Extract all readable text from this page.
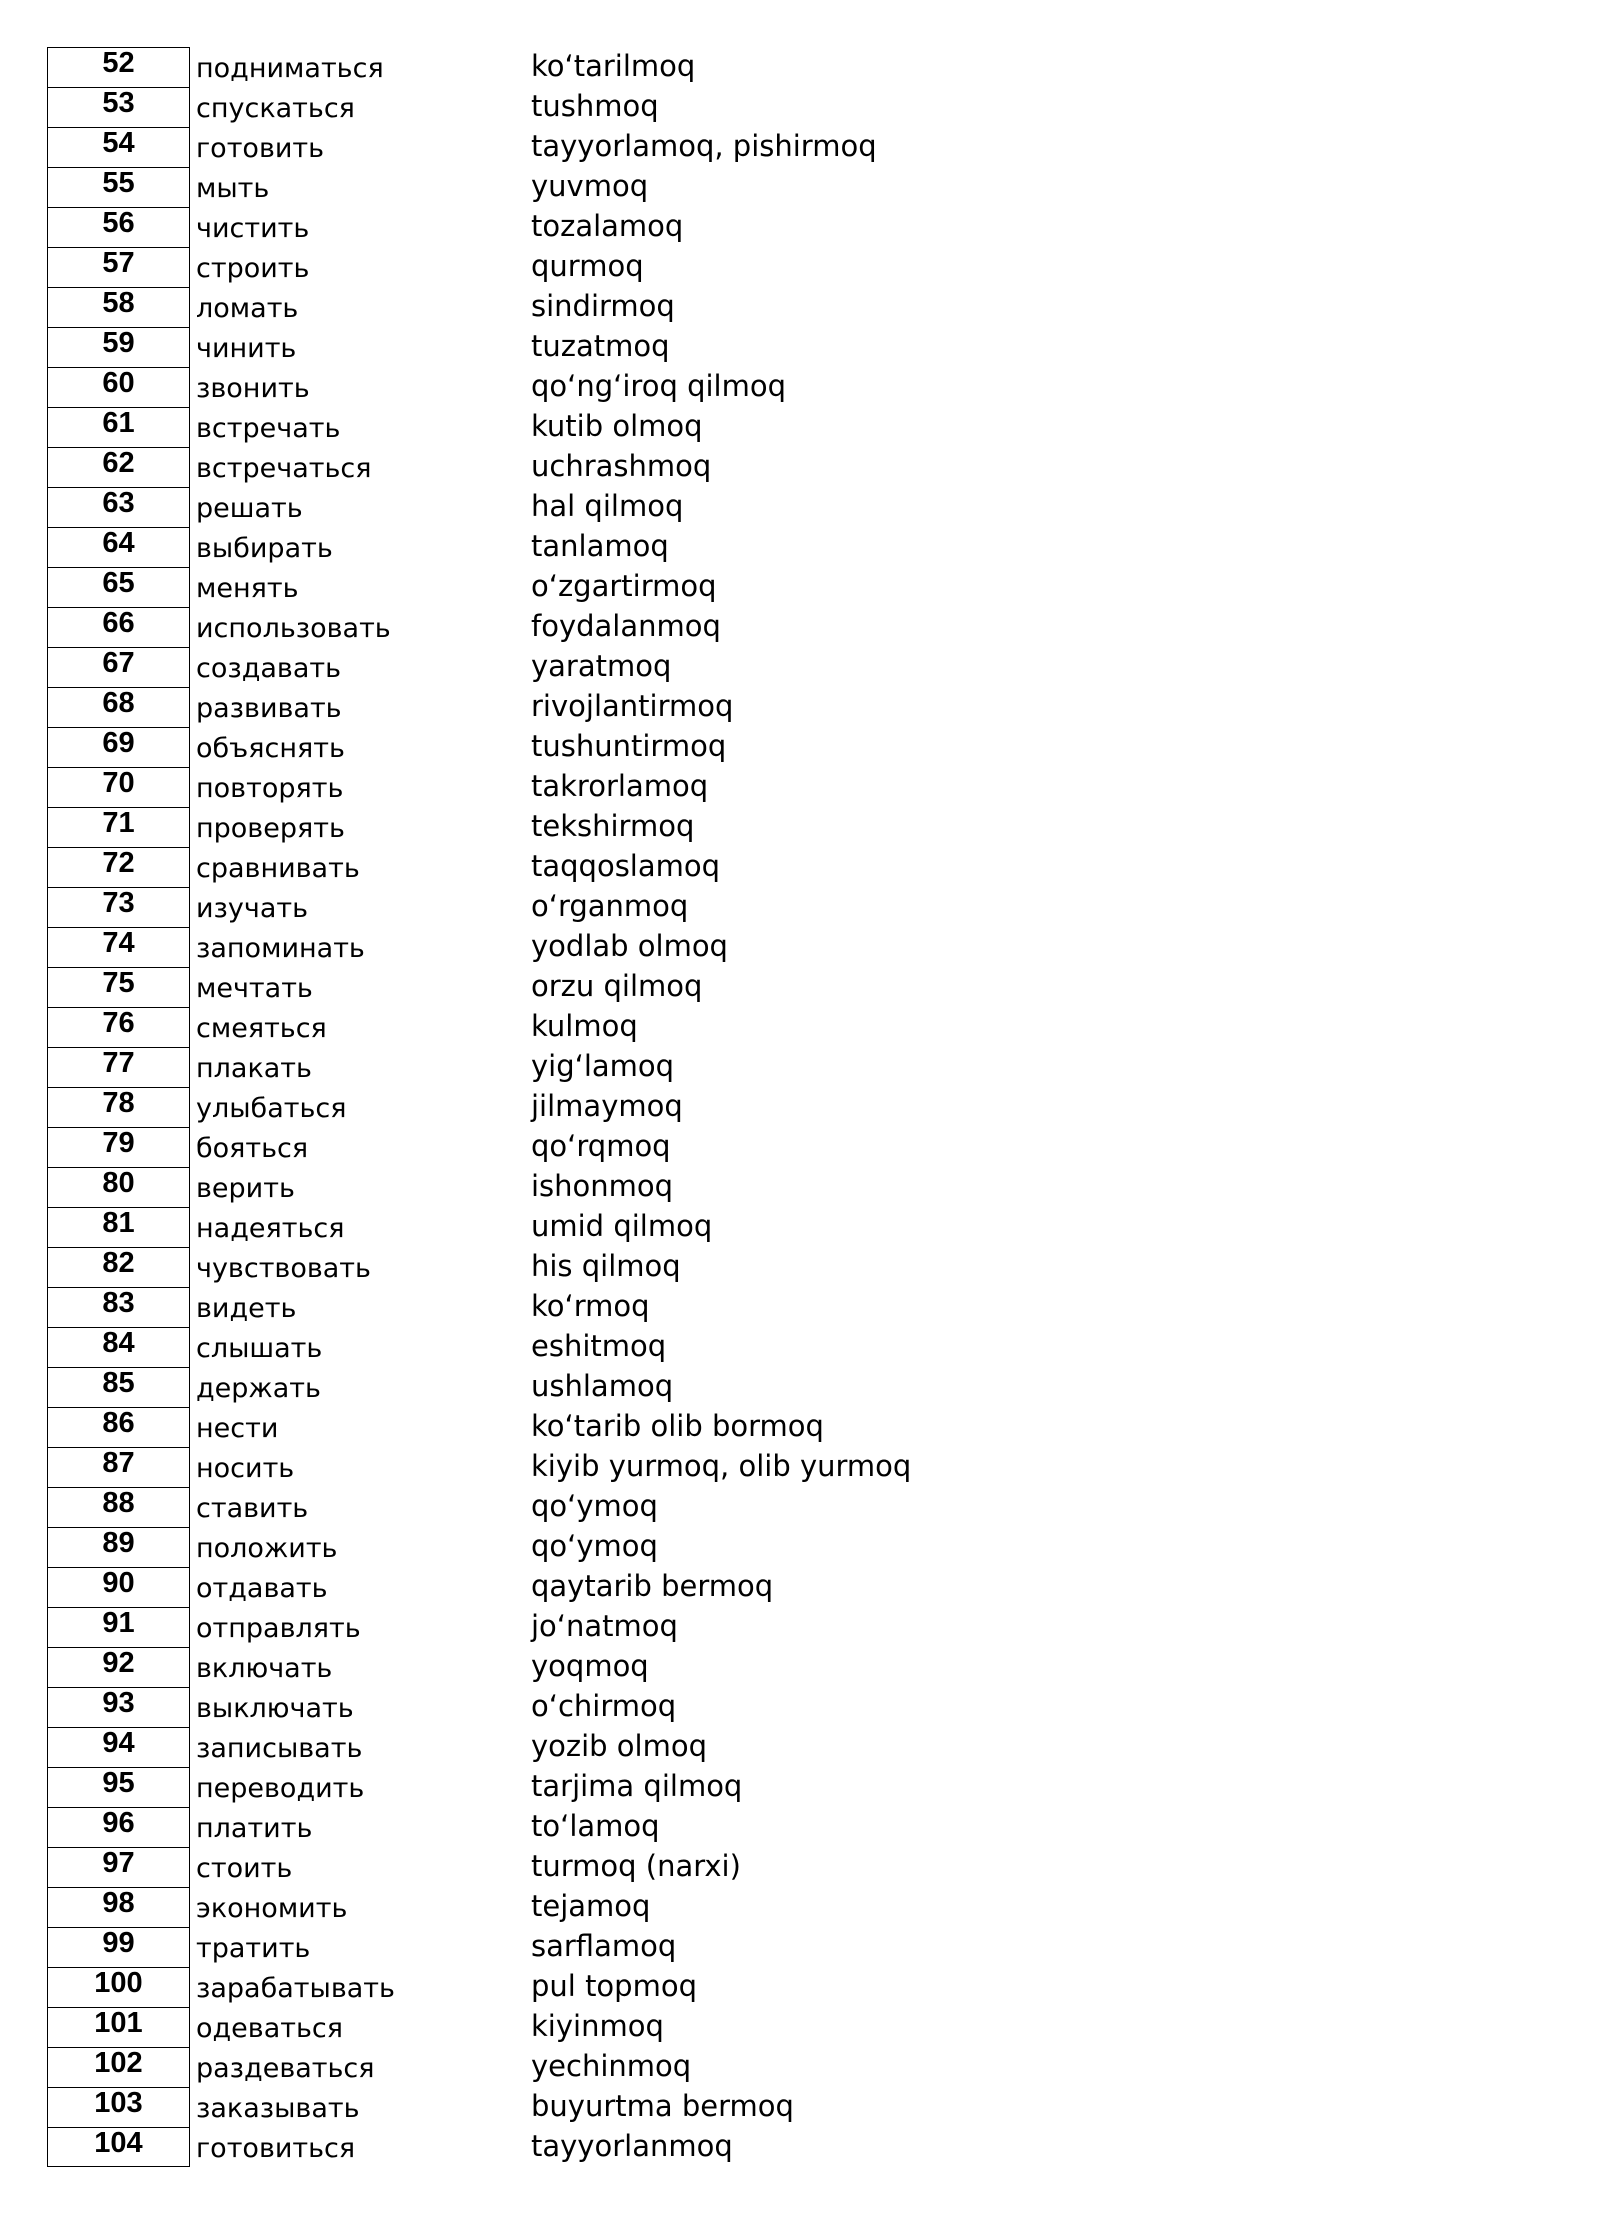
52	подниматься	ko‘tarilmoq
53	спускаться	tushmoq
54	готовить	tayyorlamoq, pishirmoq
55	мыть	yuvmoq
56	чистить	tozalamoq
57	строить	qurmoq
58	ломать	sindirmoq
59	чинить	tuzatmoq
60	звонить	qo‘ng‘iroq qilmoq
61	встречать	kutib olmoq
62	встречаться	uchrashmoq
63	решать	hal qilmoq
64	выбирать	tanlamoq
65	менять	o‘zgartirmoq
66	использовать	foydalanmoq
67	создавать	yaratmoq
68	развивать	rivojlantirmoq
69	объяснять	tushuntirmoq
70	повторять	takrorlamoq
71	проверять	tekshirmoq
72	сравнивать	taqqoslamoq
73	изучать	o‘rganmoq
74	запоминать	yodlab olmoq
75	мечтать	orzu qilmoq
76	смеяться	kulmoq
77	плакать	yig‘lamoq
78	улыбаться	jilmaymoq
79	бояться	qo‘rqmoq
80	верить	ishonmoq
81	надеяться	umid qilmoq
82	чувствовать	his qilmoq
83	видеть	ko‘rmoq
84	слышать	eshitmoq
85	держать	ushlamoq
86	нести	ko‘tarib olib bormoq
87	носить	kiyib yurmoq, olib yurmoq
88	ставить	qo‘ymoq
89	положить	qo‘ymoq
90	отдавать	qaytarib bermoq
91	отправлять	jo‘natmoq
92	включать	yoqmoq
93	выключать	o‘chirmoq
94	записывать	yozib olmoq
95	переводить	tarjima qilmoq
96	платить	to‘lamoq
97	стоить	turmoq (narxi)
98	экономить	tejamoq
99	тратить	sarflamoq
100	зарабатывать	pul topmoq
101	одеваться	kiyinmoq
102	раздеваться	yechinmoq
103	заказывать	buyurtma bermoq
104	готовиться	tayyorlanmoq
